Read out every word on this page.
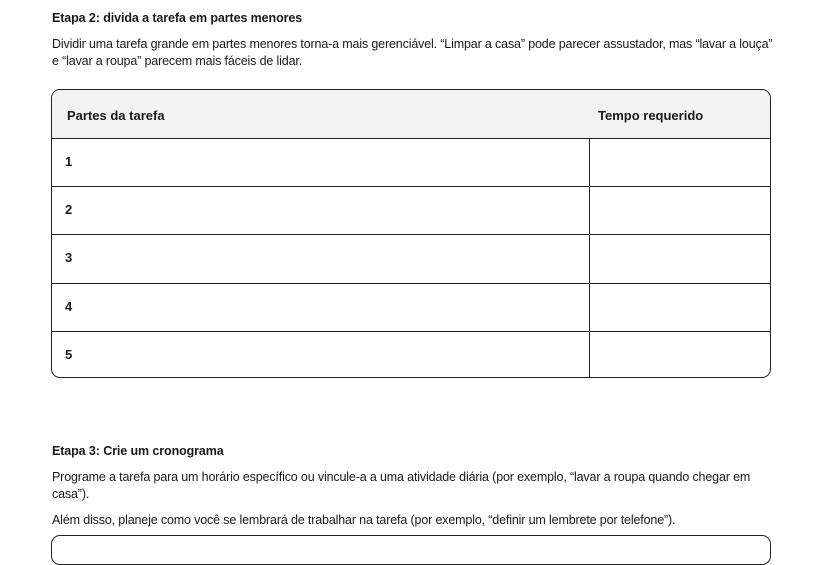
Etapa 2: divida a tarefa em partes menores
Dividir uma tarefa grande em partes menores torna-a mais gerenciável. “Limpar a casa” pode parecer assustador, mas “lavar a louça” e “lavar a roupa” parecem mais fáceis de lidar.
Partes da tarefa	Tempo requerido
1
2
3
4
5
Etapa 3: Crie um cronograma
Programe a tarefa para um horário específico ou vincule-a a uma atividade diária (por exemplo, “lavar a roupa quando chegar em casa”).
Além disso, planeje como você se lembrará de trabalhar na tarefa (por exemplo, “definir um lembrete por telefone”).
